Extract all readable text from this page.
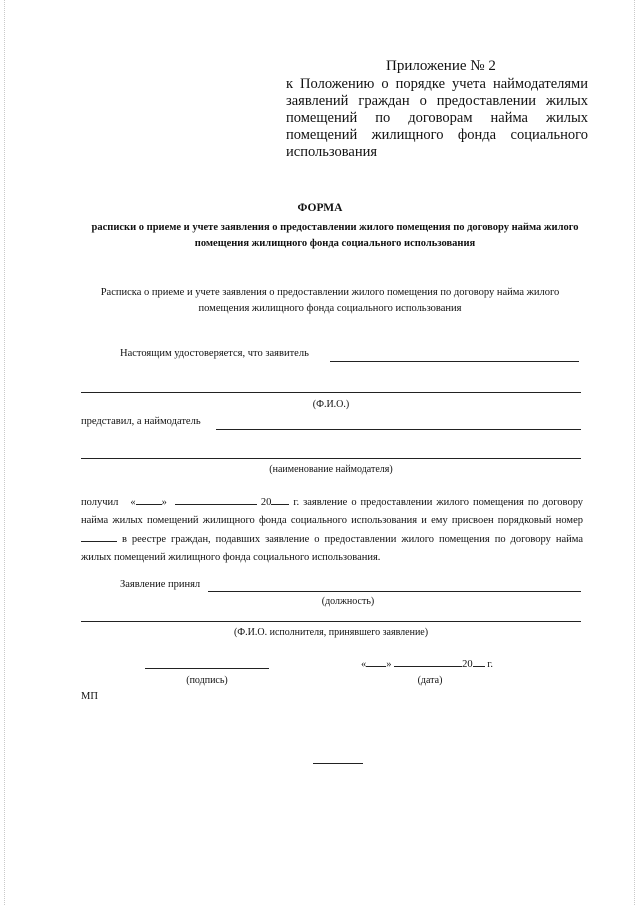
Приложение № 2
к Положению о порядке учета наймодателями заявлений граждан о предоставлении жилых помещений по договорам найма жилых помещений жилищного фонда социального использования
ФОРМА
расписки о приеме и учете заявления о предоставлении жилого помещения по договору найма жилого помещения жилищного фонда социального использования
Расписка о приеме и учете заявления о предоставлении жилого помещения по договору найма жилого помещения жилищного фонда социального использования
Настоящим удостоверяется, что заявитель
(Ф.И.О.)
представил, а наймодатель
(наименование наймодателя)
получил « »	20 г. заявление о предоставлении жилого помещения по договору найма жилых помещений жилищного фонда социального использования и ему присвоен порядковый номер  в реестре граждан, подавших заявление о предоставлении жилого помещения по договору найма жилых помещений жилищного фонда социального использования.
Заявление принял
(должность)
(Ф.И.О. исполнителя, принявшего заявление)
(подпись)
« »	20 г.
(дата)
МП
